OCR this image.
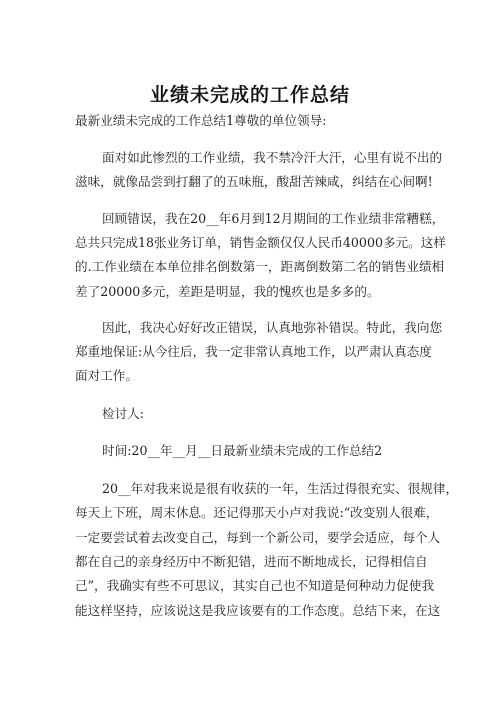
业绩未完成的工作总结
最新业绩未完成的工作总结1尊敬的单位领导:
面对如此惨烈的工作业绩，我不禁冷汗大汗，心里有说不出的
滋味，就像品尝到打翻了的五味瓶，酸甜苦辣咸，纠结在心间啊!
回顾错误，我在20__年6月到12月期间的工作业绩非常糟糕，
总共只完成18张业务订单，销售金额仅仅人民币40000多元。这样
的.工作业绩在本单位排名倒数第一，距离倒数第二名的销售业绩相
差了20000多元，差距是明显，我的愧疚也是多多的。
因此，我决心好好改正错误，认真地弥补错误。特此，我向您
郑重地保证:从今往后，我一定非常认真地工作，以严肃认真态度
面对工作。
检讨人:
时间:20__年__月__日最新业绩未完成的工作总结2
20__年对我来说是很有收获的一年，生活过得很充实、很规律，
每天上下班，周末休息。还记得那天小卢对我说:“改变别人很难，
一定要尝试着去改变自己，每到一个新公司，要学会适应，每个人
都在自己的亲身经历中不断犯错，进而不断地成长，记得相信自
己”，我确实有些不可思议，其实自己也不知道是何种动力促使我
能这样坚持，应该说这是我应该要有的工作态度。总结下来，在这
